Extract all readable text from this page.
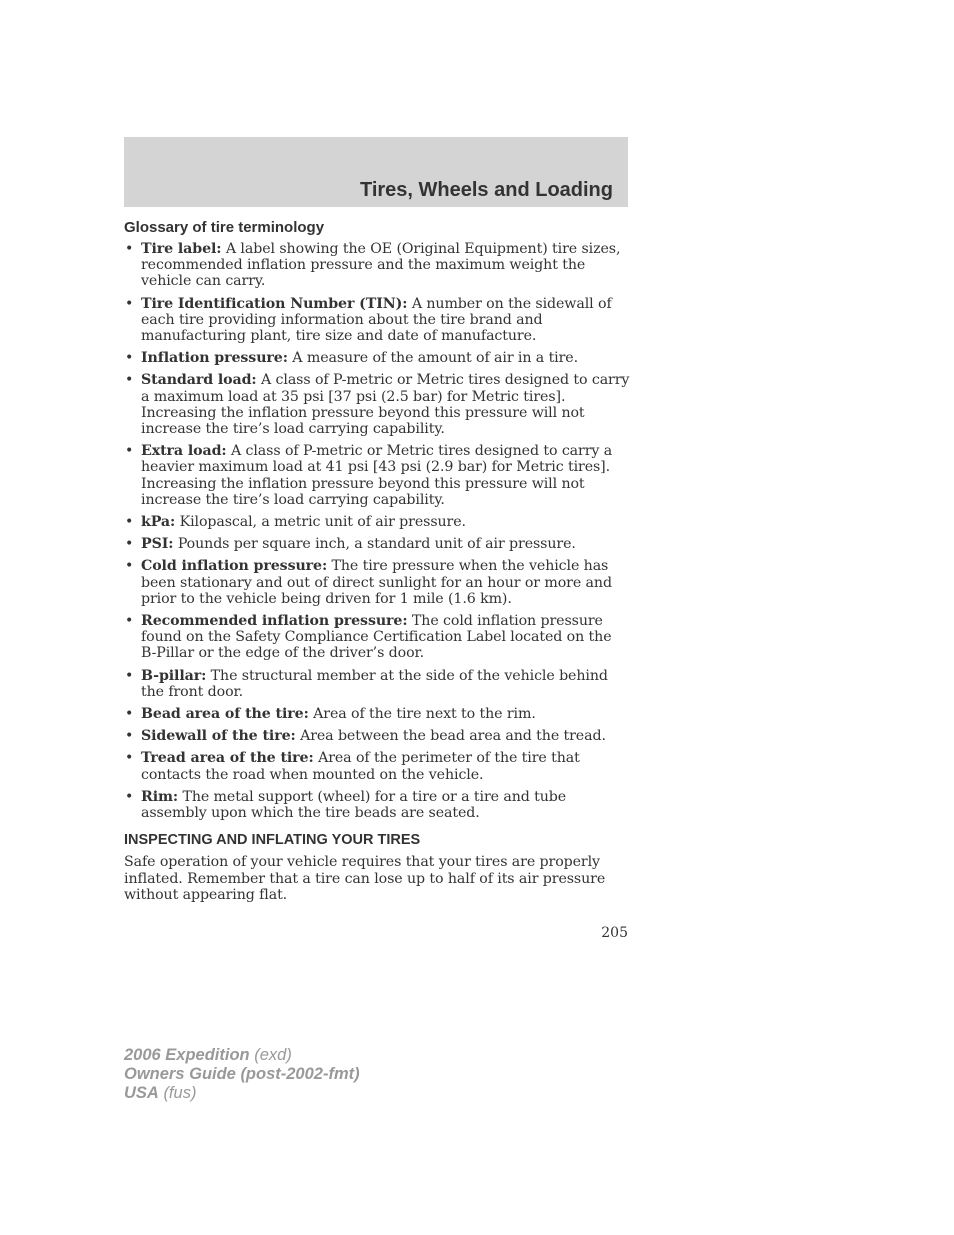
Tires, Wheels and Loading
Glossary of tire terminology
• Tire label: A label showing the OE (Original Equipment) tire sizes, recommended inflation pressure and the maximum weight the vehicle can carry.
• Tire Identification Number (TIN): A number on the sidewall of each tire providing information about the tire brand and manufacturing plant, tire size and date of manufacture.
• Inflation pressure: A measure of the amount of air in a tire.
• Standard load: A class of P-metric or Metric tires designed to carry a maximum load at 35 psi [37 psi (2.5 bar) for Metric tires]. Increasing the inflation pressure beyond this pressure will not increase the tire’s load carrying capability.
• Extra load: A class of P-metric or Metric tires designed to carry a heavier maximum load at 41 psi [43 psi (2.9 bar) for Metric tires]. Increasing the inflation pressure beyond this pressure will not increase the tire’s load carrying capability.
• kPa: Kilopascal, a metric unit of air pressure.
• PSI: Pounds per square inch, a standard unit of air pressure.
• Cold inflation pressure: The tire pressure when the vehicle has been stationary and out of direct sunlight for an hour or more and prior to the vehicle being driven for 1 mile (1.6 km).
• Recommended inflation pressure: The cold inflation pressure found on the Safety Compliance Certification Label located on the B-Pillar or the edge of the driver’s door.
• B-pillar: The structural member at the side of the vehicle behind the front door.
• Bead area of the tire: Area of the tire next to the rim.
• Sidewall of the tire: Area between the bead area and the tread.
• Tread area of the tire: Area of the perimeter of the tire that contacts the road when mounted on the vehicle.
• Rim: The metal support (wheel) for a tire or a tire and tube assembly upon which the tire beads are seated.
INSPECTING AND INFLATING YOUR TIRES

Safe operation of your vehicle requires that your tires are properly inflated. Remember that a tire can lose up to half of its air pressure without appearing flat.

205
2006 Expedition (exd)
Owners Guide (post-2002-fmt)
USA (fus)
